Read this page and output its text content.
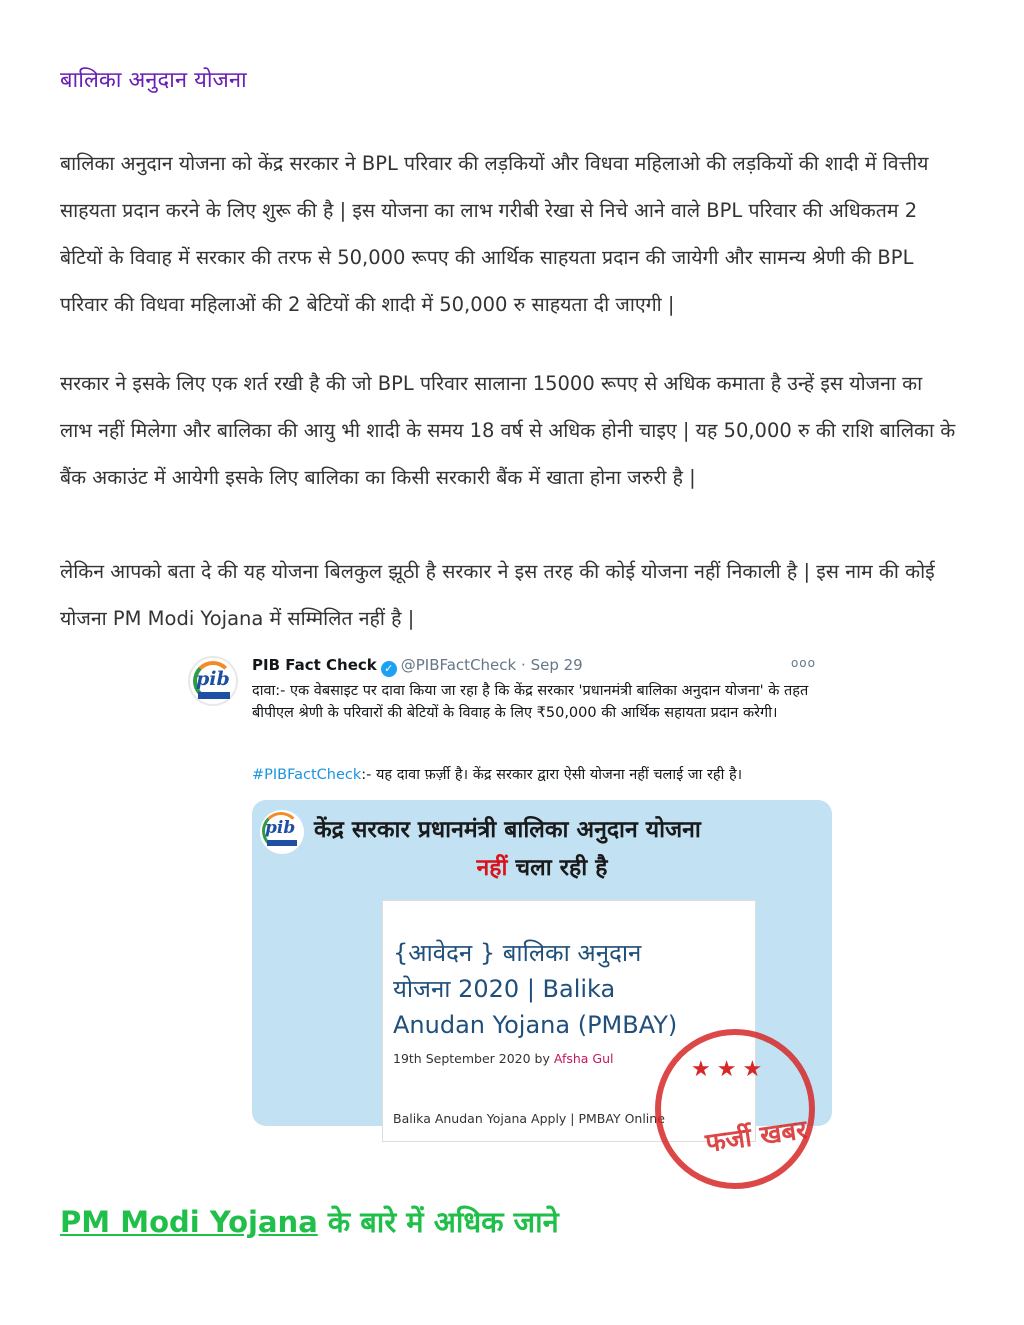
बालिका अनुदान योजना

बालिका अनुदान योजना को केंद्र सरकार ने BPL परिवार की लड़कियों और विधवा महिलाओ की लड़कियों की शादी में वित्तीय साहयता प्रदान करने के लिए शुरू की है | इस योजना का लाभ गरीबी रेखा से निचे आने वाले BPL परिवार की अधिकतम 2 बेटियों के विवाह में सरकार की तरफ से 50,000 रूपए की आर्थिक साहयता प्रदान की जायेगी और सामन्य श्रेणी की BPL परिवार की विधवा महिलाओं की 2 बेटियों की शादी में 50,000 रु साहयता दी जाएगी |

सरकार ने इसके लिए एक शर्त रखी है की जो BPL परिवार सालाना 15000 रूपए से अधिक कमाता है उन्हें इस योजना का लाभ नहीं मिलेगा और बालिका की आयु भी शादी के समय 18 वर्ष से अधिक होनी चाइए | यह 50,000 रु की राशि बालिका के बैंक अकाउंट में आयेगी इसके लिए बालिका का किसी सरकारी बैंक में खाता होना जरुरी है |

लेकिन आपको बता दे की यह योजना बिलकुल झूठी है सरकार ने इस तरह की कोई योजना नहीं निकाली है | इस नाम की कोई योजना PM Modi Yojana में सम्मिलित नहीं है |

pib
PIB Fact Check ✓ @PIBFactCheck · Sep 29	ooo
दावा:- एक वेबसाइट पर दावा किया जा रहा है कि केंद्र सरकार 'प्रधानमंत्री बालिका अनुदान योजना' के तहत बीपीएल श्रेणी के परिवारों की बेटियों के विवाह के लिए ₹50,000 की आर्थिक सहायता प्रदान करेगी।
#PIBFactCheck:- यह दावा फ़र्ज़ी है। केंद्र सरकार द्वारा ऐसी योजना नहीं चलाई जा रही है।
pib केंद्र सरकार प्रधानमंत्री बालिका अनुदान योजना
नहीं चला रही है
{आवेदन } बालिका अनुदान योजना 2020 | Balika Anudan Yojana (PMBAY)
19th September 2020 by Afsha Gul
Balika Anudan Yojana Apply | PMBAY Online
★★★
फर्जी खबर
PM Modi Yojana के बारे में अधिक जाने
